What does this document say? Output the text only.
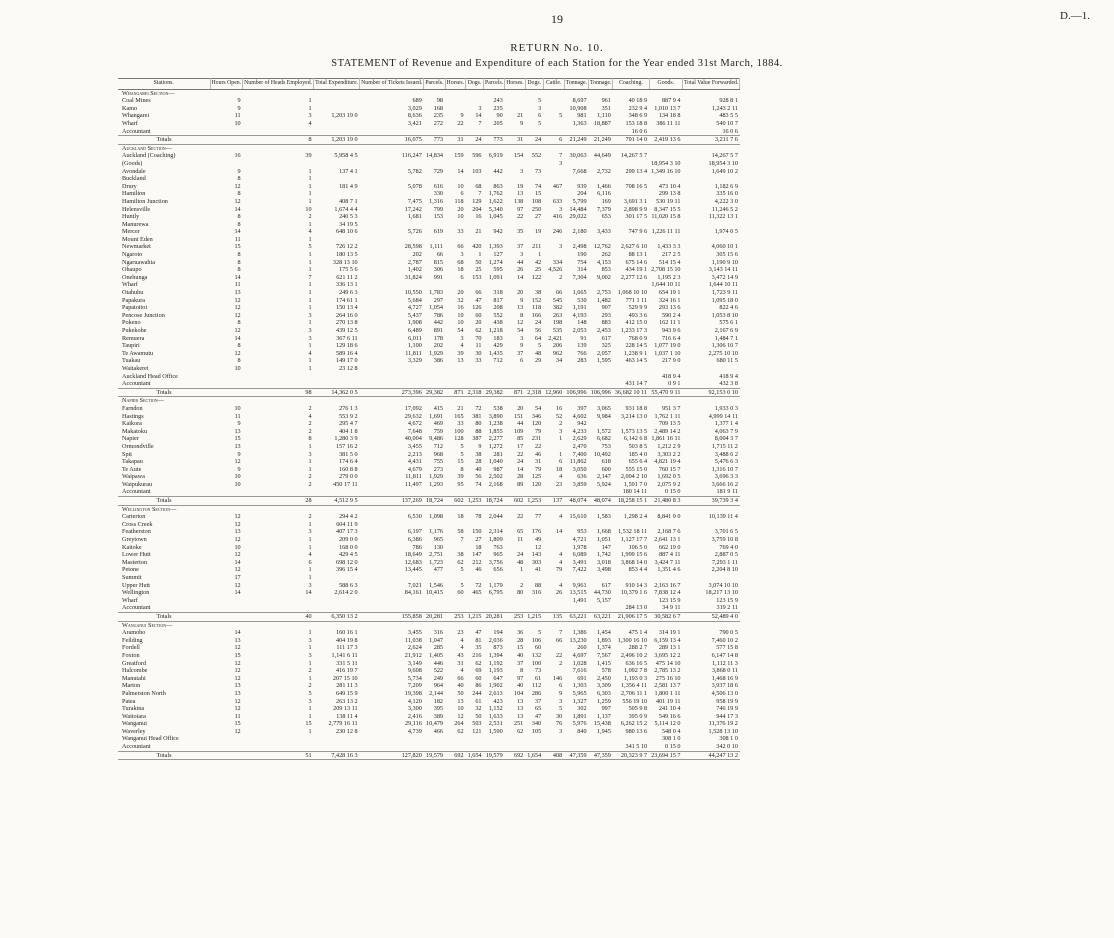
19	D.—1.
RETURN No. 10.
STATEMENT of Revenue and Expenditure of each Station for the Year ended 31st March, 1884.
Stations.	Hours Open.	Number of Heads Employed.	Total Expenditure.	Number of Tickets Issued.	Parcels.	Horses.	Dogs.	Parcels.	Horses.	Dogs.	Cattle.	Tonnage.	Tonnage.	Coaching.	Goods.	Total Value Forwarded.
Whangarei Section—																
Coal Mines	9	1		689	98			243		5		8,697	961	40 18 9	887 9 4	928 8 1
Kamo	9	1		3,029	168		3	235		3		10,908	351	232 9 4	1,010 13 7	1,243 2 11
Whangarei	11	3	1,203 19 0	8,636	235	9	14	90	21	6	5	981	1,110	348 6 9	134 18 8	483 5 5
Wharf	10	4		3,421	272	22	7	205	9	5		1,363	18,887	153 18 8	386 11 11	540 10 7
Accountant														16 0 6		16 0 6
Totals		8	1,203 19 0	16,075	773	31	24	773	31	24	6	21,249	21,249	791 14 0	2,419 13 6	3,211 7 6
Auckland Section—																
Auckland (Coaching)	16	39	5,958 4 5	116,247	14,834	159	596	6,919	154	552	7	30,063	44,649	14,267 5 7		14,267 5 7
(Goods)											3				18,954 3 10	18,954 3 10
Avondale	9	1	137 4 1	5,782	729	14	103	442	3	73		7,668	2,732	299 13 4	1,349 16 10	1,649 10 2
Buckland	8	1														
Drury	12	1	181 4 9	5,078	616	10	68	863	19	74	467	939	1,466	708 16 5	473 10 4	1,182 6 9
Hamilton	8	1			330	6	7	1,762	13	15		204	6,116		299 13 8	335 16 0
Hamilton Junction	12	1	408 7 1	7,475	1,316	118	129	1,622	138	108	633	5,799	169	3,691 3 1	530 19 11	4,222 3 0
Helensville	14	10	1,674 4 4	17,242	799	20	204	5,340	97	250	3	14,484	7,379	2,898 9 9	8,347 15 5	11,246 5 2
Huntly	8	2	240 5 3	1,681	153	10	16	1,045	22	27	416	29,022	653	301 17 5	11,020 15 8	11,322 13 1
Manurewa	8	1	34 19 5													
Mercer	14	4	648 10 6	5,726	619	33	21	942	35	19	246	2,180	3,433	747 9 6	1,226 11 11	1,974 0 5
Mount Eden	11	1														
Newmarket	15	5	726 12 2	28,598	1,111	66	420	1,393	37	211	3	2,498	12,762	2,627 6 10	1,433 3 3	4,060 10 1
Ngaroto	8	1	180 13 5	202	66	3	1	127	3	1		190	262	88 13 1	217 2 5	305 15 6
Ngaruawahia	8	1	328 13 10	2,787	815	68	50	1,274	44	42	334	754	4,153	675 14 6	514 15 4	1,190 9 10
Ohaupo	8	1	175 5 6	1,402	306	18	25	595	26	25	4,526	314	853	434 19 1	2,708 15 10	3,143 14 11
Onehunga	14	7	621 11 2	31,824	991	6	153	1,091	14	122	2	7,304	9,002	2,277 12 6	1,195 2 3	3,472 14 9
Wharf	11	1	336 13 1												1,644 10 11	1,644 10 11
Otahuhu	13	1	249 6 3	10,550	1,783	20	66	318	20	38	66	1,665	2,753	1,068 10 10	654 19 1	1,723 9 11
Papakura	12	1	174 61 1	5,684	297	32	47	817	9	152	545	530	1,482	771 1 11	324 16 1	1,095 18 0
Papatoitoi	12	1	150 13 4	4,727	1,054	16	126	208	13	118	382	1,191	907	529 9 9	293 13 6	822 4 6
Pencose Junction	12	3	264 16 0	5,437	786	10	60	552	8	166	263	4,193	293	493 3 6	590 2 4	1,053 8 10
Pokeno	8	1	270 13 8	1,908	442	10	20	438	12	24	198	148	883	412 15 0	162 11 1	575 6 1
Pukekohe	12	3	439 12 5	6,489	891	54	62	1,218	54	56	535	2,053	2,453	1,233 17 3	943 9 6	2,167 6 9
Remuera	14	3	367 6 11	6,011	178	3	70	183	3	64	2,421	91	617	768 0 9	716 6 4	1,484 7 1
Taupiri	8	1	129 18 6	1,100	202	4	11	429	9	5	206	139	325	228 14 5	1,077 19 0	1,306 10 7
Te Awamutu	12	4	589 16 4	11,811	1,929	39	30	1,435	37	48	962	766	2,057	1,238 9 1	1,037 1 10	2,275 10 10
Tuakau	8	1	149 17 0	3,329	386	13	33	712	6	29	34	283	1,595	463 14 5	217 9 0	680 11 5
Waitakerei	10	1	23 12 8													
Auckland Head Office															418 9 4	418 9 4
Accountant														431 14 7	0 9 1	432 3 8
Totals		98	14,362 0 5	273,396	29,382	871	2,318	29,382	871	2,318	12,960	106,996	106,996	36,682 10 11	55,470 9 11	92,153 0 10
Napier Section—																
Farndon	10	2	276 1 3	17,092	415	21	72	538	20	54	16	397	3,065	931 18 8	951 3 7	1,933 0 3
Hastings	11	4	553 9 2	29,632	1,691	165	381	3,890	151	346	52	4,602	9,984	3,214 13 0	1,762 1 11	4,999 14 11
Kaikora	9	2	295 4 7	4,672	469	33	80	1,238	44	120	2	942			709 13 5	1,377 1 4
Makatoku	13	2	404 1 8	7,648	759	100	88	1,855	109	79	3	4,233	1,572	1,573 13 5	2,489 14 2	4,063 7 9
Napier	15	8	1,280 3 9	40,004	9,486	128	387	2,277	85	231	1	2,629	6,682	6,142 6 8	1,861 16 11	8,004 3 7
Ormondville	13	1	157 16 2	3,455	712	5	9	1,272	17	22		2,470	753	503 8 5	1,212 2 9	1,715 11 2
Spit	9	3	381 5 0	2,213	968	5	38	281	22	46	1	7,400	10,492	185 4 0	3,303 2 2	3,488 6 2
Takapau	12	1	174 6 4	4,431	755	15	28	1,040	24	31	6	11,862	618	655 6 4	4,821 19 4	5,476 6 3
Te Aute	9	1	160 8 8	4,679	273	8	40	987	14	79	18	3,050	600	555 15 0	760 15 7	1,316 10 7
Waipawa	10	2	279 0 0	11,811	1,929	39	56	2,502	28	125	4	636	2,147	2,004 2 10	1,692 0 5	3,696 3 3
Waipukurau	10	2	450 17 11	11,497	1,293	95	74	2,168	89	120	23	3,859	5,924	1,591 7 0	2,075 9 2	3,666 16 2
Accountant														180 14 11	0 15 0	181 9 11
Totals		28	4,512 9 5	137,269	18,724	602	1,253	18,724	602	1,253	137	48,074	48,074	18,258 15 1	21,480 8 3	39,739 3 4
Wellington Section—																
Carterton	12	2	294 4 2	6,530	1,098	18	78	2,044	22	77	4	15,610	1,583	1,298 2 4	8,841 9 0	10,139 11 4
Cross Creek	12	1	604 11 9													
Featherston	13	3	407 17 3	6,197	1,176	58	150	2,314	65	176	14	953	1,668	1,532 18 11	2,168 7 6	3,701 6 5
Greytown	12	1	209 0 0	6,386	965	7	27	1,809	11	49		4,721	1,051	1,127 17 7	2,641 13 1	3,759 10 8
Kaitoke	10	1	168 0 0	786	130		18	763		12		1,978	147	106 5 0	662 19 0	769 4 0
Lower Hutt	12	4	429 4 5	18,649	2,751	38	147	965	24	143	4	6,089	1,742	1,999 15 6	887 4 11	2,887 0 5
Masterton	14	6	698 12 0	12,683	1,723	62	212	3,756	48	303	4	3,491	3,018	3,868 14 0	3,424 7 11	7,293 1 11
Petone	12	1	396 15 4	13,445	477	5	46	656	1	41	79	7,422	3,498	853 4 4	1,351 4 6	2,204 8 10
Summit	17	1														
Upper Hutt	12	3	588 6 3	7,021	1,546	5	72	1,179	2	88	4	9,961	617	910 14 3	2,163 16 7	3,074 10 10
Wellington	14	14	2,614 2 0	84,161	10,415	60	465	6,795	80	316	26	13,515	44,730	10,379 1 6	7,838 12 4	18,217 13 10
Wharf												1,491	5,157		123 15 9	123 15 9
Accountant														284 13 0	34 9 11	319 2 11
Totals		40	6,350 13 2	155,858	20,281	253	1,215	20,281	253	1,215	135	63,221	63,221	21,906 17 5	30,582 6 7	52,489 4 0
Wanganui Section—																
Aramoho	14	1	160 16 1	3,455	316	23	47	194	36	5	7	1,386	1,454	475 1 4	314 19 1	790 0 5
Feilding	13	3	404 19 8	11,038	1,047	4	81	2,036	28	106	66	13,230	1,893	1,300 16 10	6,159 13 4	7,460 10 2
Fordell	12	1	111 17 3	2,624	285	4	35	873	15	60		260	1,374	288 2 7	289 13 1	577 15 8
Foxton	15	3	1,141 6 11	21,912	1,405	43	216	1,394	40	132	22	4,697	7,567	2,496 10 2	3,695 12 2	6,147 14 8
Greatford	12	1	331 5 11	3,149	446	31	62	1,192	37	100	2	1,028	1,415	636 16 5	475 14 10	1,112 11 3
Halcombe	12	2	416 19 7	9,608	522	4	69	1,193	8	73		7,616	578	1,092 7 8	2,785 13 2	3,868 0 11
Manutahi	12	1	207 15 10	5,734	249	66	60	647	97	61	146	691	2,450	1,193 0 3	275 16 10	1,468 16 9
Marton	13	2	281 11 3	7,209	964	40	86	1,902	40	112	6	1,303	3,309	1,356 4 11	2,581 13 7	3,937 18 6
Palmerston North	13	5	649 15 9	19,398	2,144	50	244	2,613	104	286	9	5,965	6,303	2,706 11 1	1,800 1 11	4,506 13 0
Patea	12	3	263 13 2	4,120	182	13	61	423	13	37	3	1,327	1,259	556 19 10	401 19 11	958 19 9
Turakina	12	1	209 13 11	3,300	395	10	32	1,152	13	65	5	302	997	505 9 8	241 10 4	746 19 9
Waitotara	11	1	138 11 4	2,416	389	12	50	1,633	13	47	30	1,891	1,137	395 0 9	549 16 6	944 17 3
Wanganui	15	15	2,779 16 11	29,116	10,479	264	503	2,531	251	340	76	5,976	15,438	6,262 15 2	5,114 12 0	11,376 19 2
Waverley	12	1	230 12 8	4,739	466	62	121	1,590	62	105	3	840	1,945	980 13 6	548 0 4	1,528 13 10
Wanganui Head Office															308 1 0	308 1 0
Accountant														341 5 10	0 15 0	342 0 10
Totals		51	7,428 16 3	127,820	19,579	692	1,654	19,579	692	1,654	408	47,359	47,359	20,323 9 7	23,694 15 7	44,247 13 2
